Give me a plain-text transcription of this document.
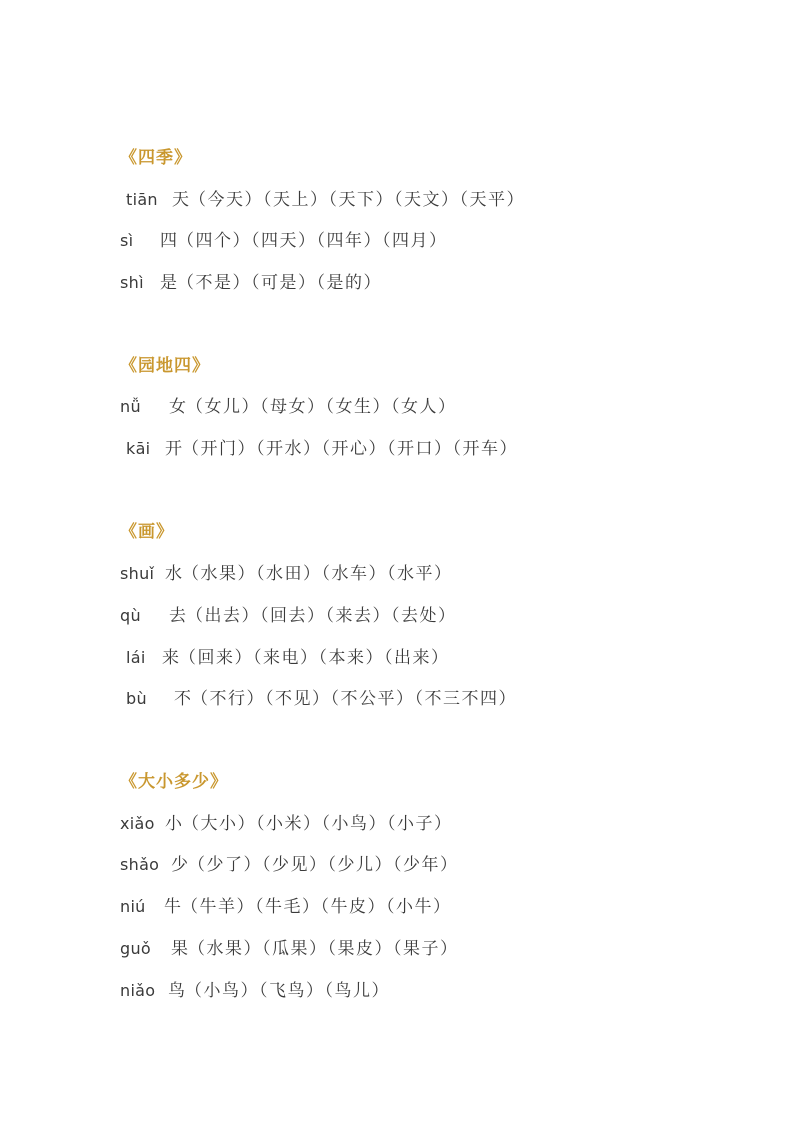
《四季》
tiān 天（今天）（天上）（天下）（天文）（天平）
sì 四（四个）（四天）（四年）（四月）
shì 是（不是）（可是）（是的）
《园地四》
nǚ 女（女儿）（母女）（女生）（女人）
kāi 开（开门）（开水）（开心）（开口）（开车）
《画》
shuǐ 水（水果）（水田）（水车）（水平）
qù 去（出去）（回去）（来去）（去处）
lái 来（回来）（来电）（本来）（出来）
bù 不（不行）（不见）（不公平）（不三不四）
《大小多少》
xiǎo 小（大小）（小米）（小鸟）（小子）
shǎo 少（少了）（少见）（少儿）（少年）
niú 牛（牛羊）（牛毛）（牛皮）（小牛）
guǒ 果（水果）（瓜果）（果皮）（果子）
niǎo 鸟（小鸟）（飞鸟）（鸟儿）
